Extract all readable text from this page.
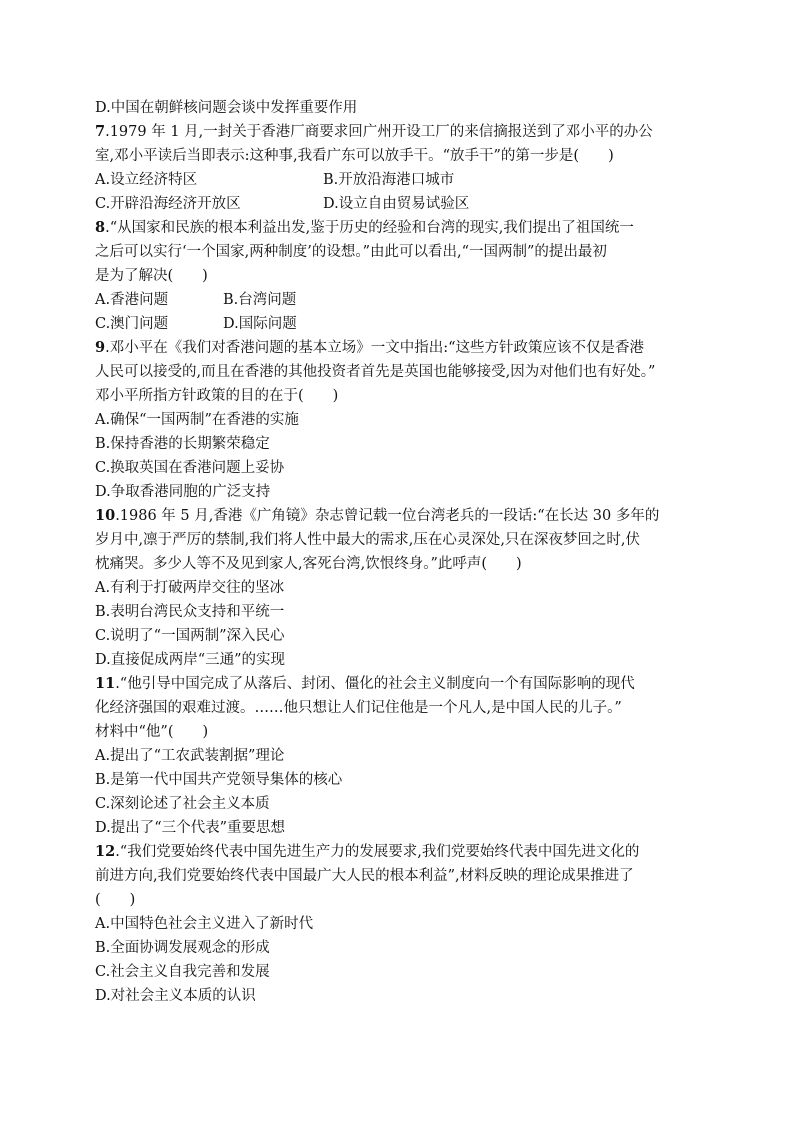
D.中国在朝鲜核问题会谈中发挥重要作用
7.1979 年 1 月,一封关于香港厂商要求回广州开设工厂的来信摘报送到了邓小平的办公
室,邓小平读后当即表示:这种事,我看广东可以放手干。“放手干”的第一步是(　　)
A.设立经济特区	B.开放沿海港口城市
C.开辟沿海经济开放区	D.设立自由贸易试验区
8.“从国家和民族的根本利益出发,鉴于历史的经验和台湾的现实,我们提出了祖国统一
之后可以实行‘一个国家,两种制度’的设想。”由此可以看出,“一国两制”的提出最初
是为了解决(　　)
A.香港问题	B.台湾问题
C.澳门问题	D.国际问题
9.邓小平在《我们对香港问题的基本立场》一文中指出:“这些方针政策应该不仅是香港
人民可以接受的,而且在香港的其他投资者首先是英国也能够接受,因为对他们也有好处。”
邓小平所指方针政策的目的在于(　　)
A.确保“一国两制”在香港的实施
B.保持香港的长期繁荣稳定
C.换取英国在香港问题上妥协
D.争取香港同胞的广泛支持
10.1986 年 5 月,香港《广角镜》杂志曾记载一位台湾老兵的一段话:“在长达 30 多年的
岁月中,凛于严厉的禁制,我们将人性中最大的需求,压在心灵深处,只在深夜梦回之时,伏
枕痛哭。多少人等不及见到家人,客死台湾,饮恨终身。”此呼声(　　)
A.有利于打破两岸交往的坚冰
B.表明台湾民众支持和平统一
C.说明了“一国两制”深入民心
D.直接促成两岸“三通”的实现
11.“他引导中国完成了从落后、封闭、僵化的社会主义制度向一个有国际影响的现代
化经济强国的艰难过渡。……他只想让人们记住他是一个凡人,是中国人民的儿子。”
材料中“他”(　　)
A.提出了“工农武装割据”理论
B.是第一代中国共产党领导集体的核心
C.深刻论述了社会主义本质
D.提出了“三个代表”重要思想
12.“我们党要始终代表中国先进生产力的发展要求,我们党要始终代表中国先进文化的
前进方向,我们党要始终代表中国最广大人民的根本利益”,材料反映的理论成果推进了
(　　)
A.中国特色社会主义进入了新时代
B.全面协调发展观念的形成
C.社会主义自我完善和发展
D.对社会主义本质的认识
